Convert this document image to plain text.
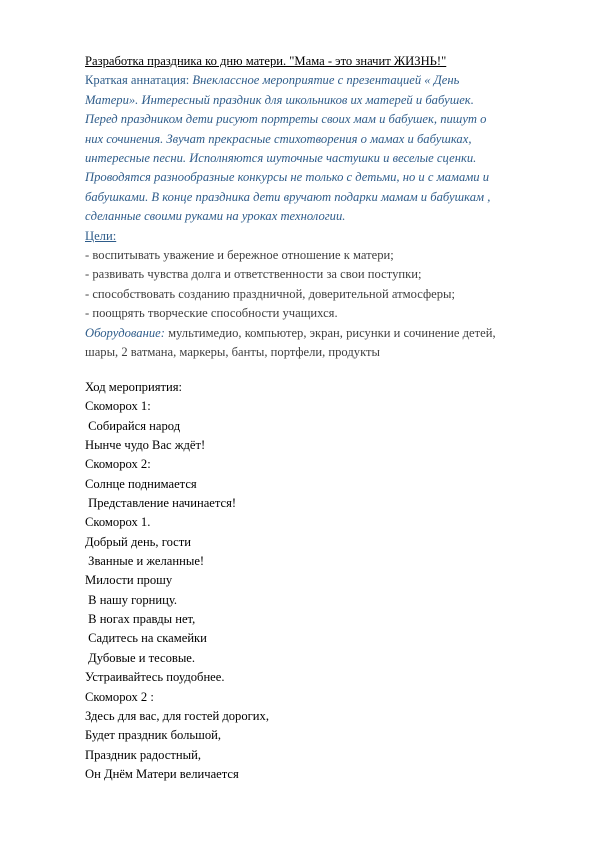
Разработка праздника ко дню матери. "Мама - это значит ЖИЗНЬ!"
Краткая аннатация: Внеклассное мероприятие с презентацией « День
Матери». Интересный праздник для школьников их матерей и бабушек.
Перед праздником дети рисуют портреты своих мам и бабушек, пишут о
них сочинения. Звучат прекрасные стихотворения о мамах и бабушках,
интересные песни. Исполняются шуточные частушки и веселые сценки.
Проводятся разнообразные конкурсы не только с детьми, но и с мамами и
бабушками. В конце праздника дети вручают подарки мамам и бабушкам ,
сделанные своими руками на уроках технологии.
Цели:
- воспитывать уважение и бережное отношение к матери;
- развивать чувства долга и ответственности за свои поступки;
- способствовать созданию праздничной, доверительной атмосферы;
- поощрять творческие способности учащихся.
Оборудование: мультимедио, компьютер, экран, рисунки и сочинение детей,
шары, 2 ватмана, маркеры, банты, портфели, продукты
Ход мероприятия:
Скоморох 1:
Собирайся народ
Нынче чудо Вас ждёт!
Скоморох 2:
Солнце поднимается
Представление начинается!
Скоморох 1.
Добрый день, гости
Званные и желанные!
Милости прошу
В нашу горницу.
В ногах правды нет,
Садитесь на скамейки
Дубовые и тесовые.
Устраивайтесь поудобнее.
Скоморох 2 :
Здесь для вас, для гостей дорогих,
Будет праздник большой,
Праздник радостный,
Он Днём Матери величается
